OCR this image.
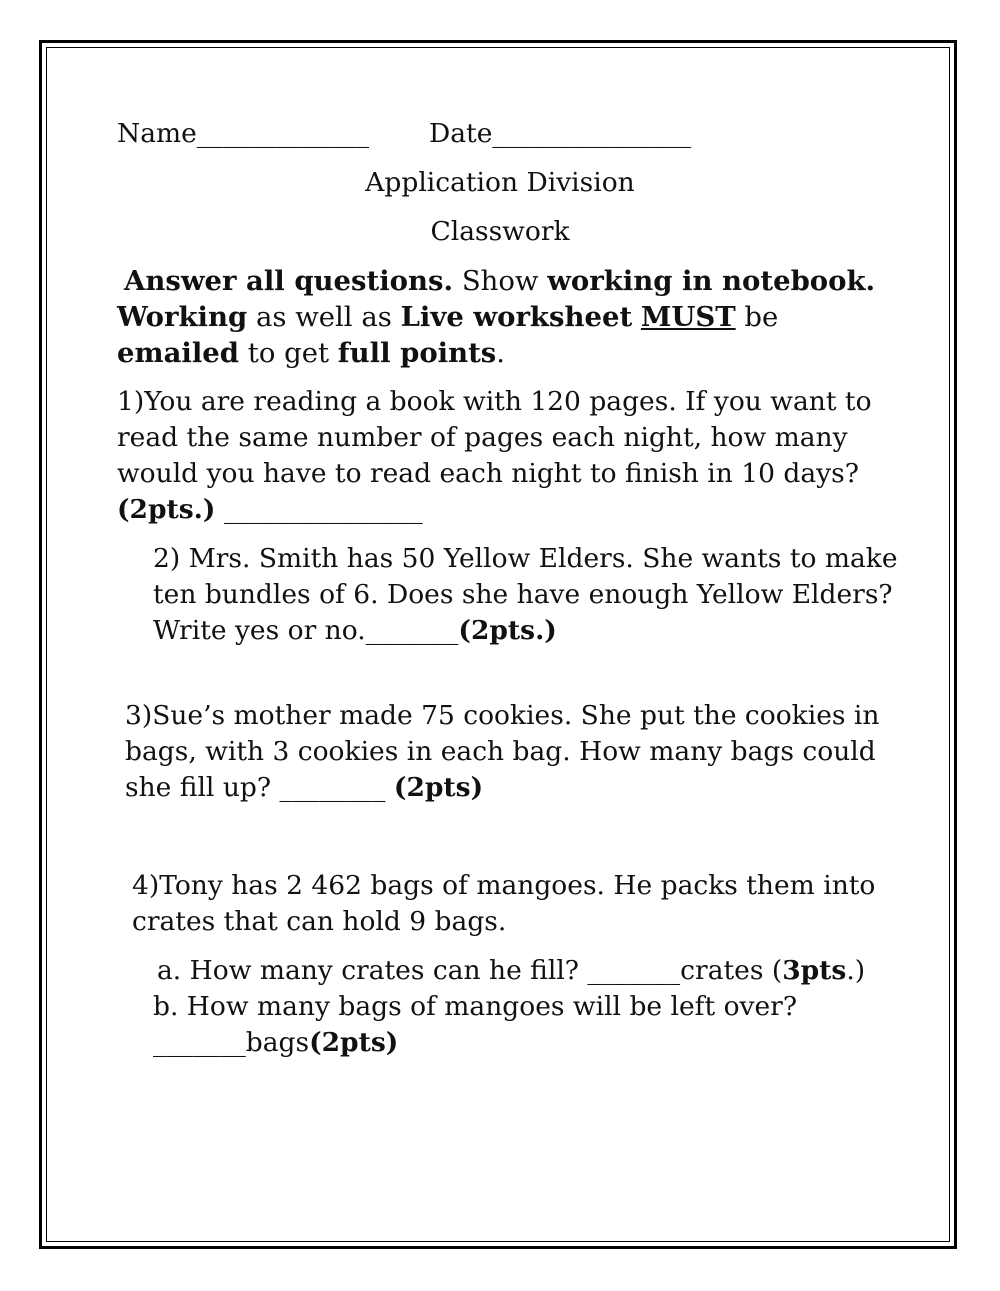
Name_____________ Date_______________
Application Division
Classwork
Answer all questions. Show working in notebook.
Working as well as Live worksheet MUST be
emailed to get full points.
1)You are reading a book with 120 pages. If you want to
read the same number of pages each night, how many
would you have to read each night to finish in 10 days?
(2pts.) _______________
2) Mrs. Smith has 50 Yellow Elders. She wants to make
ten bundles of 6. Does she have enough Yellow Elders?
Write yes or no._______(2pts.)
3)Sue’s mother made 75 cookies. She put the cookies in
bags, with 3 cookies in each bag. How many bags could
she fill up? ________ (2pts)
4)Tony has 2 462 bags of mangoes. He packs them into
crates that can hold 9 bags.
a. How many crates can he fill? _______crates (3pts.)
b. How many bags of mangoes will be left over?
_______bags(2pts)
